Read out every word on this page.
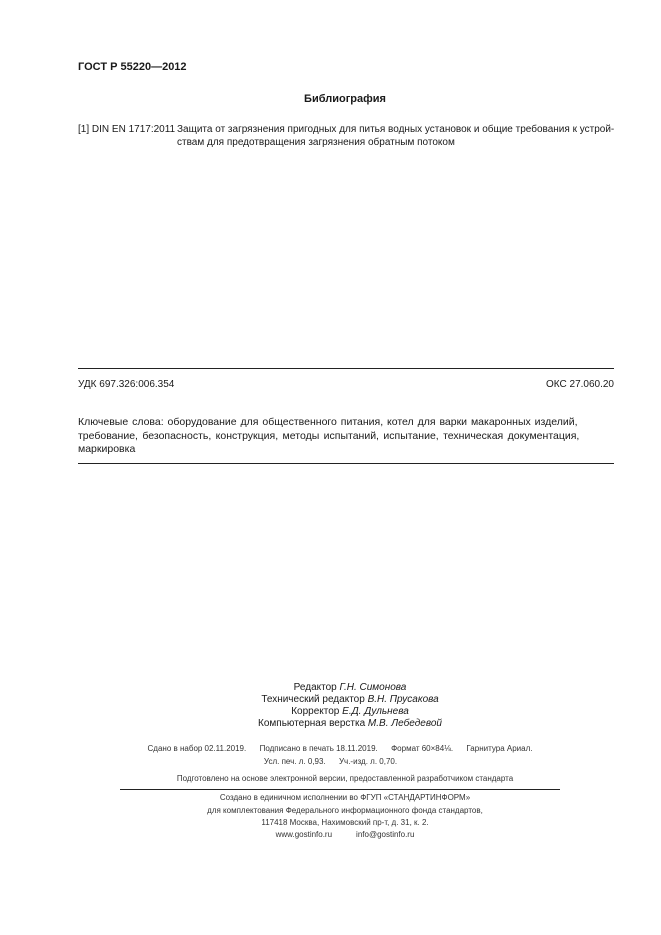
ГОСТ Р 55220—2012
Библиография
[1] DIN EN 1717:2011 Защита от загрязнения пригодных для питья водных установок и общие требования к устрой-
ствам для предотвращения загрязнения обратным потоком
УДК 697.326:006.354	ОКС 27.060.20
Ключевые слова: оборудование для общественного питания, котел для варки макаронных изделий,
требование, безопасность, конструкция, методы испытаний, испытание, техническая документация,
маркировка
Редактор Г.Н. Симонова
Технический редактор В.Н. Прусакова
Корректор Е.Д. Дульнева
Компьютерная верстка М.В. Лебедевой
Сдано в набор 02.11.2019.      Подписано в печать 18.11.2019.      Формат 60×84⅛.      Гарнитура Ариал.
Усл. печ. л. 0,93.      Уч.-изд. л. 0,70.
Подготовлено на основе электронной версии, предоставленной разработчиком стандарта
Создано в единичном исполнении во ФГУП «СТАНДАРТИНФОРМ»
для комплектования Федерального информационного фонда стандартов,
117418 Москва, Нахимовский пр-т, д. 31, к. 2.
www.gostinfo.ru	info@gostinfo.ru
